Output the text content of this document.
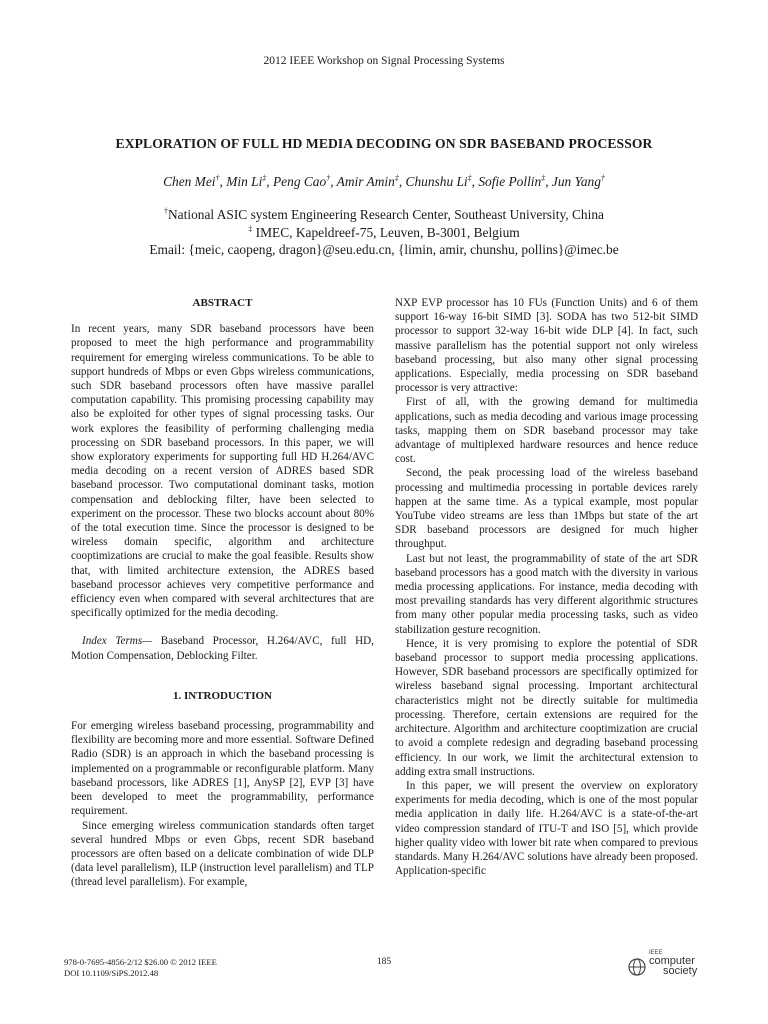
2012 IEEE Workshop on Signal Processing Systems
EXPLORATION OF FULL HD MEDIA DECODING ON SDR BASEBAND PROCESSOR
Chen Mei†, Min Li‡, Peng Cao†, Amir Amin‡, Chunshu Li‡, Sofie Pollin‡, Jun Yang†
†National ASIC system Engineering Research Center, Southeast University, China
‡ IMEC, Kapeldreef-75, Leuven, B-3001, Belgium
Email: {meic, caopeng, dragon}@seu.edu.cn, {limin, amir, chunshu, pollins}@imec.be
ABSTRACT

In recent years, many SDR baseband processors have been proposed to meet the high performance and programmability requirement for emerging wireless communications. To be able to support hundreds of Mbps or even Gbps wireless communications, such SDR baseband processors often have massive parallel computation capability. This promising processing capability may also be exploited for other types of signal processing tasks. Our work explores the feasibility of performing challenging media processing on SDR baseband processors. In this paper, we will show exploratory experiments for supporting full HD H.264/AVC media decoding on a recent version of ADRES based SDR baseband processor. Two computational dominant tasks, motion compensation and deblocking filter, have been selected to experiment on the processor. These two blocks account about 80% of the total execution time. Since the processor is designed to be wireless domain specific, algorithm and architecture cooptimizations are crucial to make the goal feasible. Results show that, with limited architecture extension, the ADRES based baseband processor achieves very competitive performance and efficiency even when compared with several architectures that are specifically optimized for the media decoding.

Index Terms— Baseband Processor, H.264/AVC, full HD, Motion Compensation, Deblocking Filter.

1. INTRODUCTION

For emerging wireless baseband processing, programmability and flexibility are becoming more and more essential. Software Defined Radio (SDR) is an approach in which the baseband processing is implemented on a programmable or reconfigurable platform. Many baseband processors, like ADRES [1], AnySP [2], EVP [3] have been developed to meet the programmability, performance requirement.

Since emerging wireless communication standards often target several hundred Mbps or even Gbps, recent SDR baseband processors are often based on a delicate combination of wide DLP (data level parallelism), ILP (instruction level parallelism) and TLP (thread level parallelism). For example,

NXP EVP processor has 10 FUs (Function Units) and 6 of them support 16-way 16-bit SIMD [3]. SODA has two 512-bit SIMD processor to support 32-way 16-bit wide DLP [4]. In fact, such massive parallelism has the potential support not only wireless baseband processing, but also many other signal processing applications. Especially, media processing on SDR baseband processor is very attractive:

First of all, with the growing demand for multimedia applications, such as media decoding and various image processing tasks, mapping them on SDR baseband processor may take advantage of multiplexed hardware resources and hence reduce cost.

Second, the peak processing load of the wireless baseband processing and multimedia processing in portable devices rarely happen at the same time. As a typical example, most popular YouTube video streams are less than 1Mbps but state of the art SDR baseband processors are designed for much higher throughput.

Last but not least, the programmability of state of the art SDR baseband processors has a good match with the diversity in various media processing applications. For instance, media decoding with most prevailing standards has very different algorithmic structures from many other popular media processing tasks, such as video stabilization gesture recognition.

Hence, it is very promising to explore the potential of SDR baseband processor to support media processing applications. However, SDR baseband processors are specifically optimized for wireless baseband signal processing. Important architectural characteristics might not be directly suitable for multimedia processing. Therefore, certain extensions are required for the architecture. Algorithm and architecture cooptimization are crucial to avoid a complete redesign and degrading baseband processing efficiency. In our work, we limit the architectural extension to adding extra small instructions.

In this paper, we will present the overview on exploratory experiments for media decoding, which is one of the most popular media application in daily life. H.264/AVC is a state-of-the-art video compression standard of ITU-T and ISO [5], which provide higher quality video with lower bit rate when compared to previous standards. Many H.264/AVC solutions have already been proposed. Application-specific

978-0-7695-4856-2/12 $26.00 © 2012 IEEE
DOI 10.1109/SiPS.2012.48
185
IEEE
computer
society
